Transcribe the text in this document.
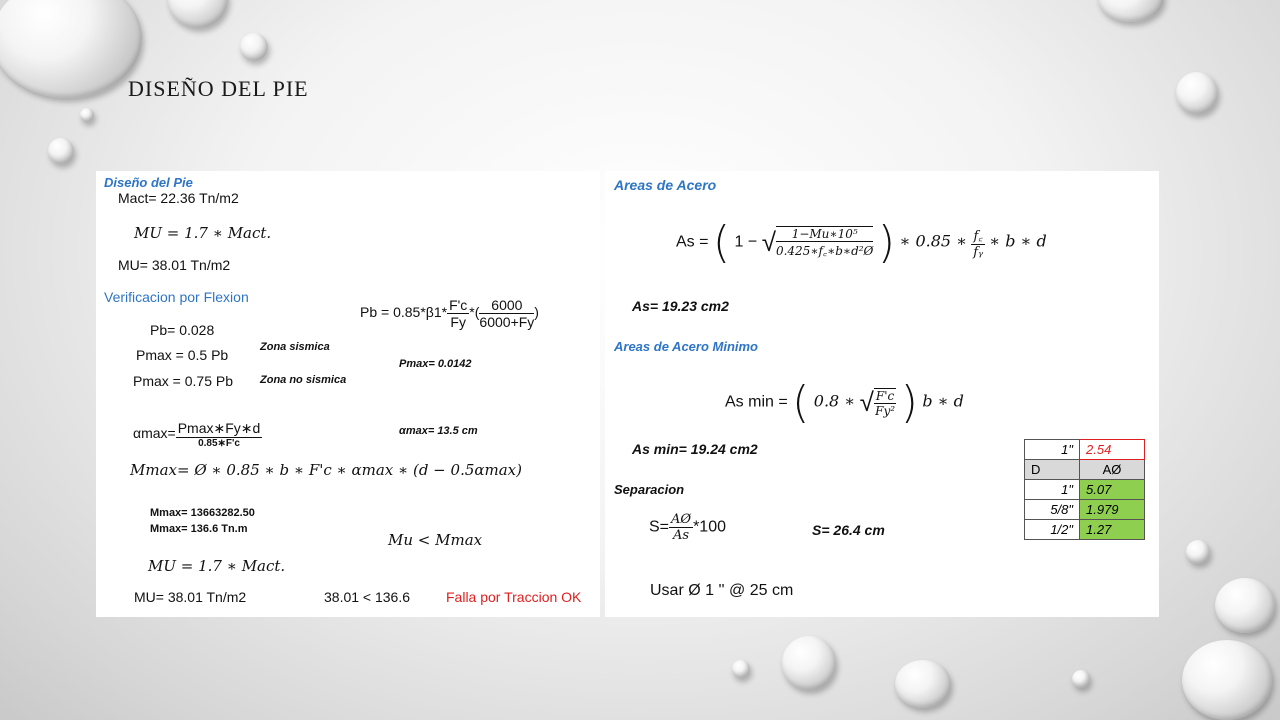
DISEÑO DEL PIE
Diseño del Pie
Mact= 22.36 Tn/m2
MU = 1.7 ∗ Mact.
MU= 38.01 Tn/m2
Verificacion por Flexion
$Pb = 0.85*\beta 1* \frac{F'c}{Fy}$ *( $\frac{6000}{6000+Fy}$ )
Pb= 0.028
Pmax = 0.5 Pb	Zona sismica
Pmax = 0.75 Pb Zona no sismica
Pmax= 0.0142
$\alpha\max= \frac{Pmax∗Fy∗d}{0.85∗F'c}$	αmax= 13.5 cm
Mmax= Ø ∗ 0.85 ∗ b ∗ F'c ∗ αmax ∗ (d − 0.5αmax)
Mmax= 13663282.50
Mmax= 136.6 Tn.m
Mu < Mmax
MU = 1.7 ∗ Mact.
MU= 38.01 Tn/m2	38.01 < 136.6	Falla por Traccion OK
Areas de Acero
As = ( 1 − √ $\frac{\text{1−Mu∗10⁵}}{\text{0.425∗f꜀∗b∗d²Ø}}$ ) ∗ 0.85 ∗ $\frac{f꜀}{\text{fᵧ}}$ ∗ b ∗ d
As= 19.23 cm2
Areas de Acero Minimo
As min = ( 0.8 ∗ √ $\frac{F'c}{\text{Fy²}}$ ) b ∗ d
As min= 19.24 cm2
Separacion
$S= \frac{AØ}{As} *100$	S= 26.4 cm
Usar Ø 1 '' @ 25 cm
1"	2.54
D	AØ
1"	5.07
5/8"	1.979
1/2"	1.27
